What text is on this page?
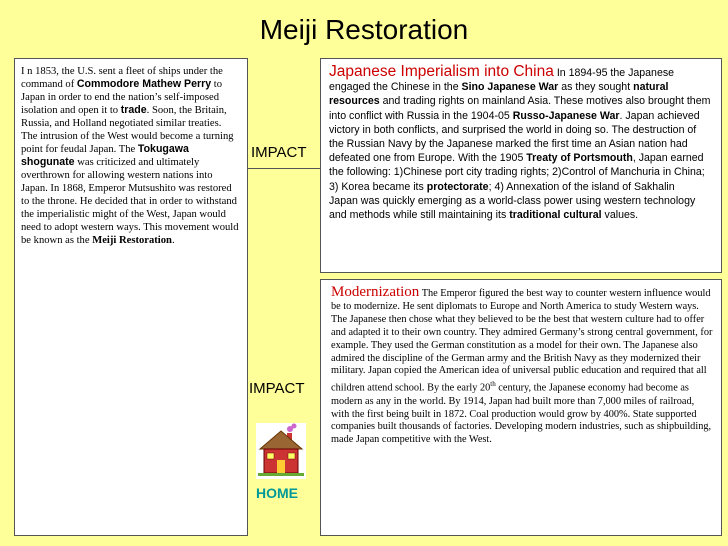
Meiji Restoration
I n 1853, the U.S. sent a fleet of ships under the command of Commodore Mathew Perry to Japan in order to end the nation’s self-imposed isolation and open it to trade. Soon, the Britain, Russia, and Holland negotiated similar treaties.
The intrusion of the West would become a turning point for feudal Japan. The Tokugawa shogunate was criticized and ultimately overthrown for allowing western nations into Japan. In 1868, Emperor Mutsushito was restored to the throne. He decided that in order to withstand the imperialistic might of the West, Japan would need to adopt western ways. This movement would be known as the Meiji Restoration.
IMPACT
IMPACT
Japanese Imperialism into China In 1894-95 the Japanese engaged the Chinese in the Sino Japanese War as they sought natural resources and trading rights on mainland Asia. These motives also brought them into conflict with Russia in the 1904-05 Russo-Japanese War. Japan achieved victory in both conflicts, and surprised the world in doing so. The destruction of the Russian Navy by the Japanese marked the first time an Asian nation had defeated one from Europe. With the 1905 Treaty of Portsmouth, Japan earned the following: 1)Chinese port city trading rights; 2)Control of Manchuria in China; 3) Korea became its protectorate; 4) Annexation of the island of Sakhalin
Japan was quickly emerging as a world-class power using western technology and methods while still maintaining its traditional cultural values.
Modernization The Emperor figured the best way to counter western influence would be to modernize. He sent diplomats to Europe and North America to study Western ways. The Japanese then chose what they believed to be the best that western culture had to offer and adapted it to their own country. They admired Germany’s strong central government, for example. They used the German constitution as a model for their own. The Japanese also admired the discipline of the German army and the British Navy as they modernized their military. Japan copied the American idea of universal public education and required that all children attend school. By the early 20th century, the Japanese economy had become as modern as any in the world. By 1914, Japan had built more than 7,000 miles of railroad, with the first being built in 1872. Coal production would grow by 400%. State supported companies built thousands of factories. Developing modern industries, such as shipbuilding, made Japan competitive with the West.
HOME
